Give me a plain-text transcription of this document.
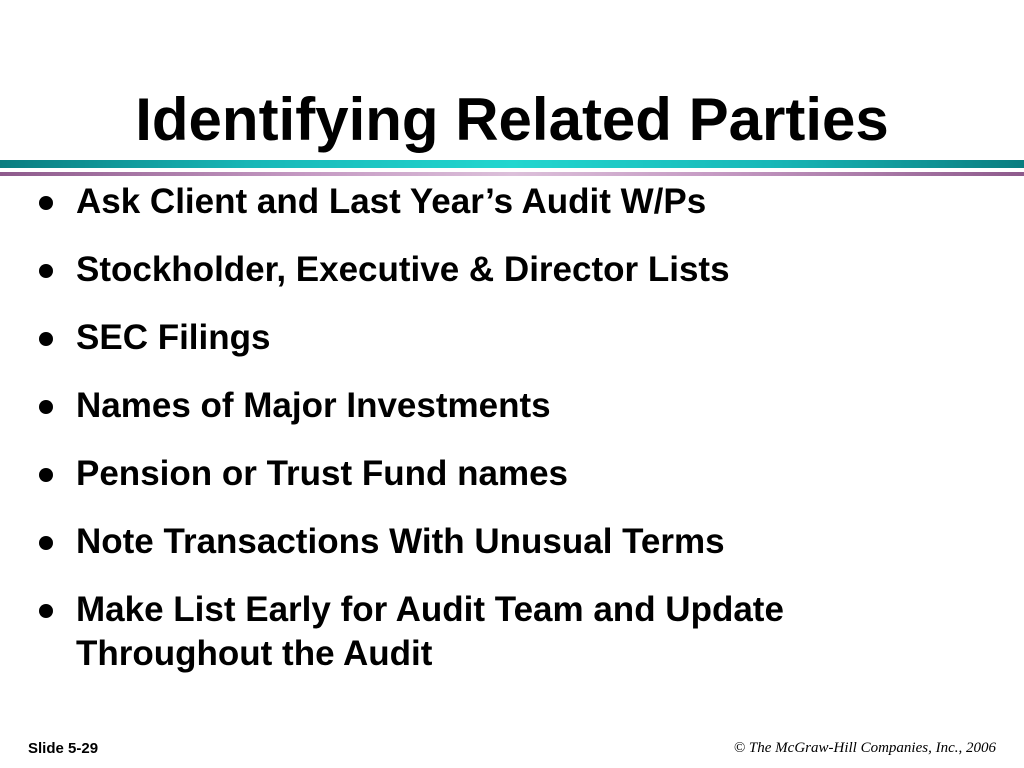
Identifying Related Parties
Ask Client and Last Year’s Audit W/Ps
Stockholder, Executive & Director Lists
SEC Filings
Names of Major Investments
Pension or Trust Fund names
Note Transactions With Unusual Terms
Make List Early for Audit Team and Update Throughout the Audit
Slide 5-29	© The McGraw-Hill Companies, Inc., 2006
